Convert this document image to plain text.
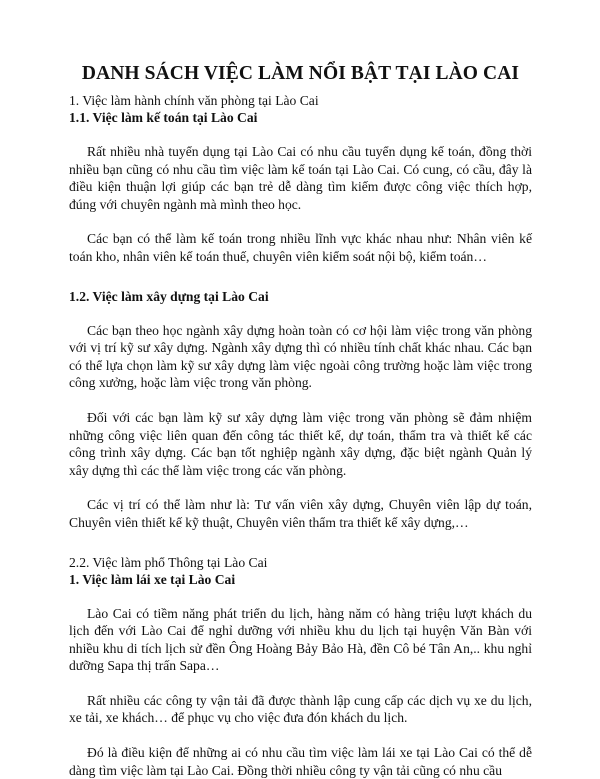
DANH SÁCH VIỆC LÀM NỔI BẬT TẠI LÀO CAI

1. Việc làm hành chính văn phòng tại Lào Cai

1.1. Việc làm kế toán tại Lào Cai

Rất nhiều nhà tuyển dụng tại Lào Cai có nhu cầu tuyển dụng kế toán, đồng thời nhiều bạn cũng có nhu cầu tìm việc làm kế toán tại Lào Cai. Có cung, có cầu, đây là điều kiện thuận lợi giúp các bạn trẻ dễ dàng tìm kiếm được công việc thích hợp, đúng với chuyên ngành mà mình theo học.

Các bạn có thể làm kế toán trong nhiều lĩnh vực khác nhau như: Nhân viên kế toán kho, nhân viên kế toán thuế, chuyên viên kiểm soát nội bộ, kiểm toán…

1.2. Việc làm xây dựng tại Lào Cai

Các bạn theo học ngành xây dựng hoàn toàn có cơ hội làm việc trong văn phòng với vị trí kỹ sư xây dựng. Ngành xây dựng thì có nhiều tính chất khác nhau. Các bạn có thể lựa chọn làm kỹ sư xây dựng làm việc ngoài công trường hoặc làm việc trong công xưởng, hoặc làm việc trong văn phòng.

Đối với các bạn làm kỹ sư xây dựng làm việc trong văn phòng sẽ đảm nhiệm những công việc liên quan đến công tác thiết kế, dự toán, thẩm tra và thiết kế các công trình xây dựng. Các bạn tốt nghiệp ngành xây dựng, đặc biệt ngành Quản lý xây dựng thì các thể làm việc trong các văn phòng.

Các vị trí có thể làm như là: Tư vấn viên xây dựng, Chuyên viên lập dự toán, Chuyên viên thiết kế kỹ thuật, Chuyên viên thẩm tra thiết kế xây dựng,…

2.2. Việc làm phổ Thông tại Lào Cai

1. Việc làm lái xe tại Lào Cai

Lào Cai có tiềm năng phát triển du lịch, hàng năm có hàng triệu lượt khách du lịch đến với Lào Cai để nghỉ dưỡng với nhiều khu du lịch tại huyện Văn Bàn với nhiều khu di tích lịch sử đền Ông Hoàng Bảy Bảo Hà, đền Cô bé Tân An,.. khu nghỉ dưỡng Sapa thị trấn Sapa…

Rất nhiều các công ty vận tải đã được thành lập cung cấp các dịch vụ xe du lịch, xe tải, xe khách… để phục vụ cho việc đưa đón khách du lịch.

Đó là điều kiện để những ai có nhu cầu tìm việc làm lái xe tại Lào Cai có thể dễ dàng tìm việc làm tại Lào Cai. Đồng thời nhiều công ty vận tải cũng có nhu cầu
